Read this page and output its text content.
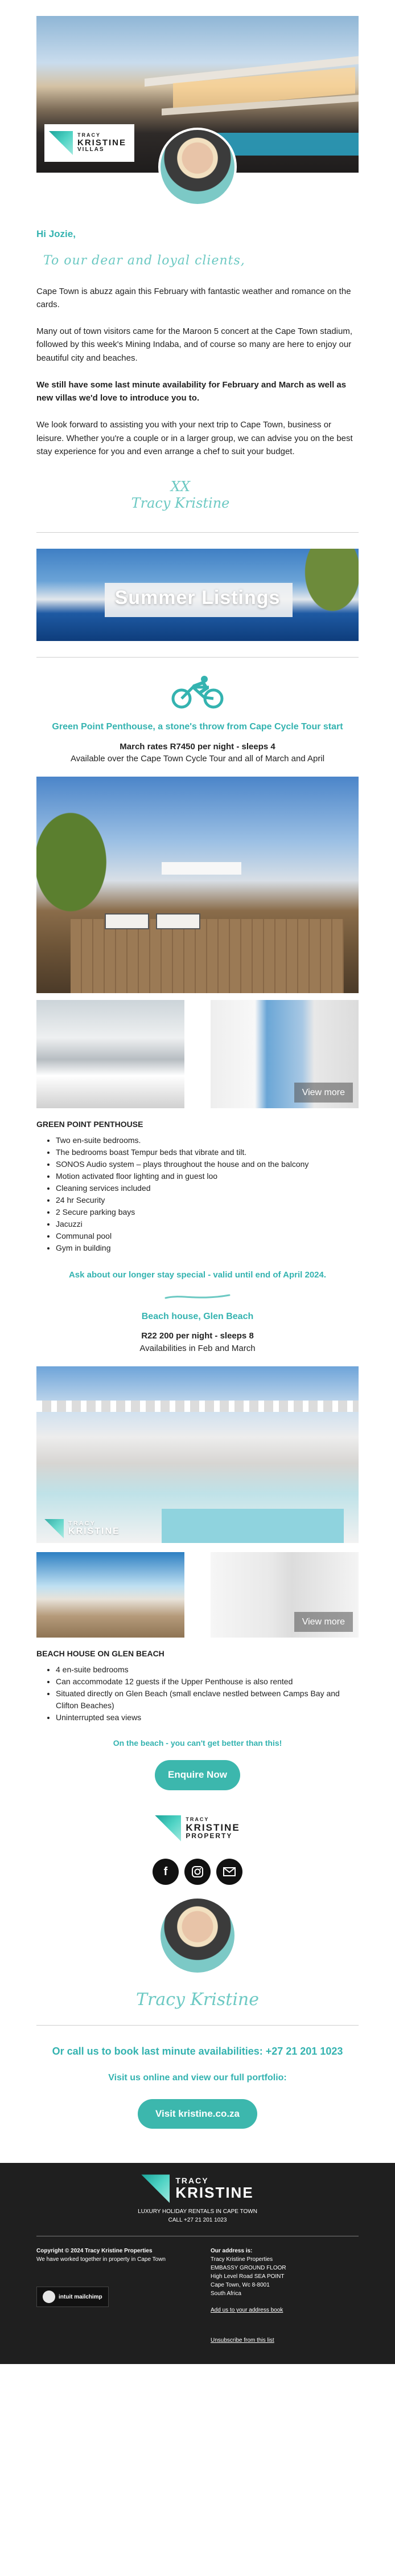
TRACY
KRISTINE
VILLAS
Hi Jozie,
To our dear and loyal clients,

Cape Town is abuzz again this February with fantastic weather and romance on the cards.

Many out of town visitors came for the Maroon 5 concert at the Cape Town stadium, followed by this week's Mining Indaba, and of course so many are here to enjoy our beautiful city and beaches.

We still have some last minute availability for February and March as well as new villas we'd love to introduce you to.

We look forward to assisting you with your next trip to Cape Town, business or leisure. Whether you're a couple or in a larger group, we can advise you on the best stay experience for you and even arrange a chef to suit your budget.

XX
Tracy Kristine
Summer Listings
Green Point Penthouse, a stone's throw from Cape Cycle Tour start
March rates R7450 per night - sleeps 4
Available over the Cape Town Cycle Tour and all of March and April
View more
GREEN POINT PENTHOUSE
• Two en-suite bedrooms.
• The bedrooms boast Tempur beds that vibrate and tilt.
• SONOS Audio system – plays throughout the house and on the balcony
• Motion activated floor lighting and in guest loo
• Cleaning services included
• 24 hr Security
• 2 Secure parking bays
• Jacuzzi
• Communal pool
• Gym in building
Ask about our longer stay special - valid until end of April 2024.
Beach house, Glen Beach
R22 200 per night - sleeps 8
Availabilities in Feb and March
TRACY
KRISTINE
View more
BEACH HOUSE ON GLEN BEACH
• 4 en-suite bedrooms
• Can accommodate 12 guests if the Upper Penthouse is also rented
• Situated directly on Glen Beach (small enclave nestled between Camps Bay and Clifton Beaches)
• Uninterrupted sea views
On the beach - you can't get better than this!
Enquire Now
TRACY
KRISTINE
PROPERTY
f
Tracy Kristine
Or call us to book last minute availabilities: +27 21 201 1023
Visit us online and view our full portfolio:
Visit kristine.co.za
TRACY
KRISTINE
LUXURY HOLIDAY RENTALS IN CAPE TOWN
CALL +27 21 201 1023
Copyright © 2024 Tracy Kristine Properties
We have worked together in property in Cape Town
intuit mailchimp
Our address is:
Tracy Kristine Properties
EMBASSY GROUND FLOOR
High Level Road SEA POINT
Cape Town, Wc 8-8001
South Africa
Add us to your address book
Unsubscribe from this list
